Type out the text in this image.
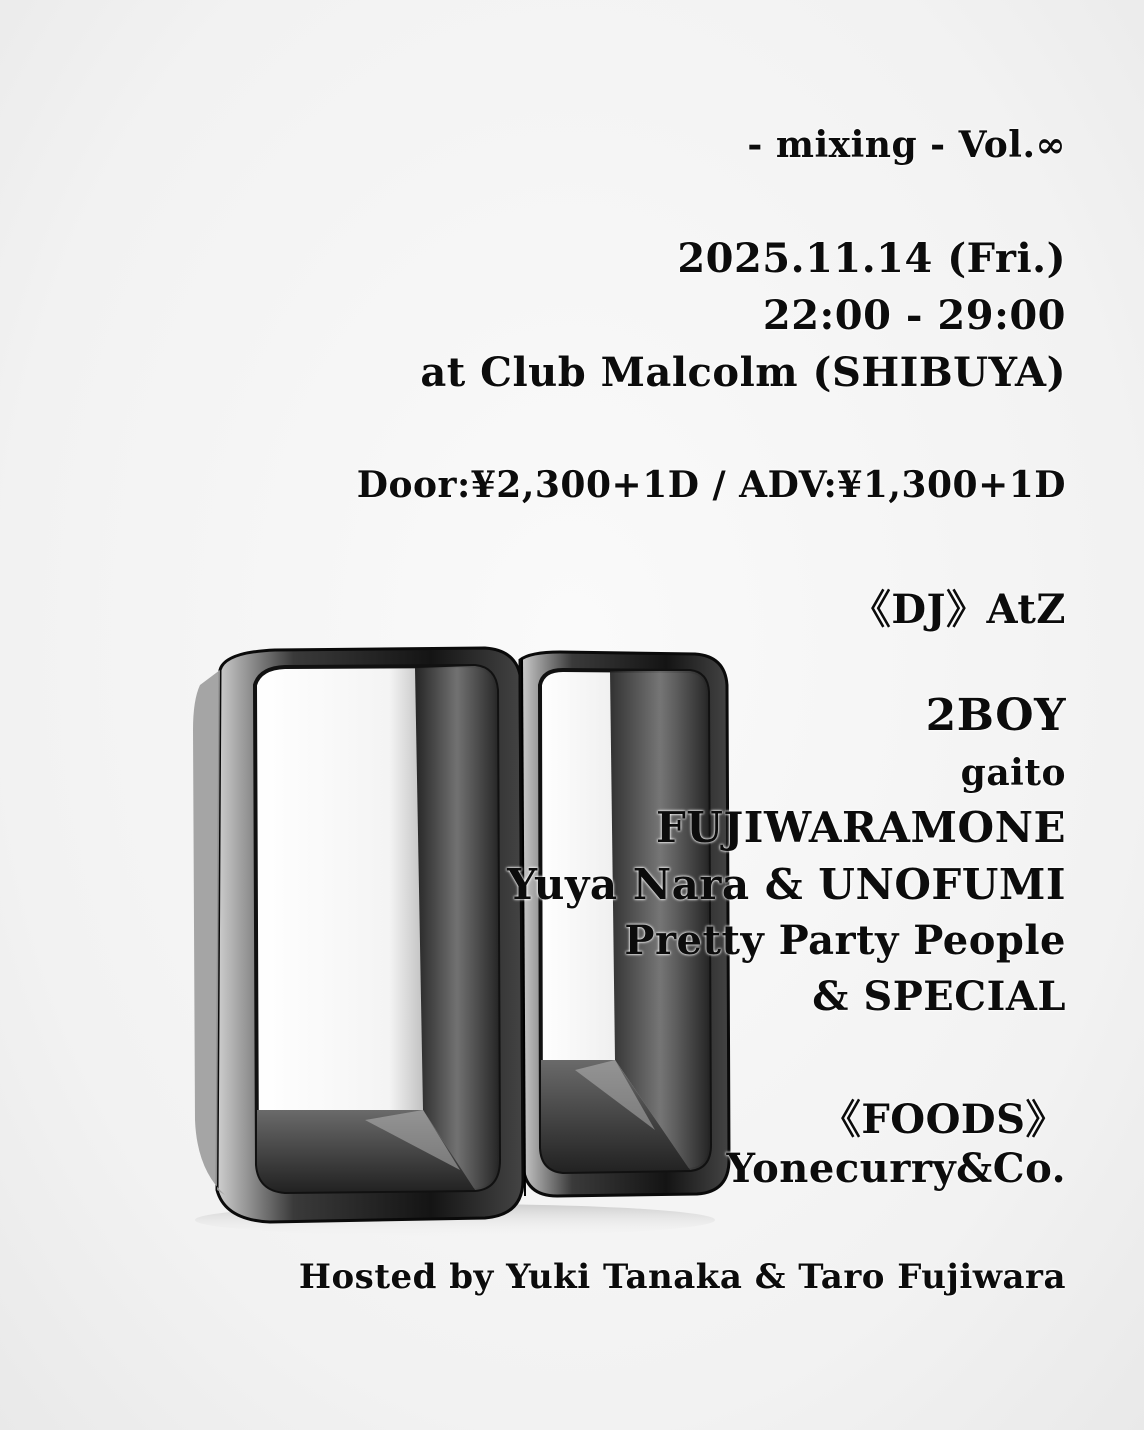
- mixing - Vol.∞
2025.11.14 (Fri.)
22:00 - 29:00
at Club Malcolm (SHIBUYA)
Door:¥2,300+1D / ADV:¥1,300+1D
《DJ》AtZ
2BOY
gaito
FUJIWARAMONE
Yuya Nara & UNOFUMI
Pretty Party People
& SPECIAL
《FOODS》
Yonecurry&Co.
Hosted by Yuki Tanaka & Taro Fujiwara
